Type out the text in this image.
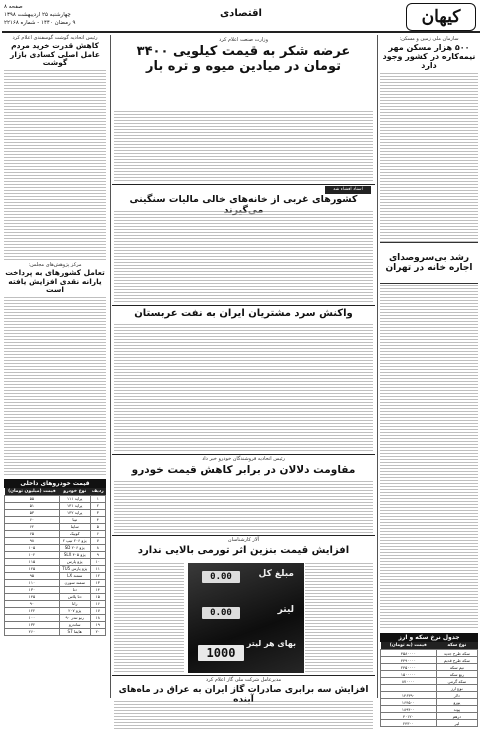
کیهان
اقتصادی
صفحه ۸
چهارشنبه ۲۵ اردیبهشت ۱۳۹۸
۹ رمضان ۱۴۴۰ - شماره ۲۲۱۶۸
سازمان ملی زمین و مسکن:
۵۰۰ هزار مسکن مهر نیمه‌کاره در کشور وجود دارد
رشد بی‌سروصدای اجاره خانه در تهران
جدول نرخ سکه و ارز
نوع سکه	قیمت (به تومان)
سکه طرح جدید	۴۵۸۰۰۰۰
سکه طرح قدیم	۴۴۹۰۰۰۰
نیم سکه	۲۴۵۰۰۰۰
ربع سکه	۱۵۰۰۰۰۰
سکه گرمی	۸۷۰۰۰۰
نوع ارز	
دلار	۱۴۶۳۹۰
یورو	۱۶۴۵۰۰
پوند	۱۸۹۴۰۰
درهم	۴۰۱۲۰
لیر	۲۴۳۰۰
رئیس اتحادیه گوشت گوسفندی اعلام کرد
کاهش قدرت خرید مردم عامل اصلی کسادی بازار گوشت
مرکز پژوهش‌های مجلس:
تعامل کشورهای به پرداخت یارانه نقدی افزایش یافته است
قیمت خودروهای داخلی
ردیف	نوع خودرو	قیمت (میلیون تومان)
۱	پراید ۱۱۱	۵۵
۲	پراید ۱۳۱	۵۱
۳	پراید ۱۳۲	۵۳
۴	تیبا	۶۰
۵	ساینا	۶۲
۶	کوییک	۶۵
۷	پژو ۲۰۶ تیپ ۲	۹۸
۸	پژو ۲۰۶ SD	۱۰۵
۹	پژو ۴۰۵ SLX	۱۰۲
۱۰	پژو پارس	۱۱۵
۱۱	پژو پارس TU5	۱۲۵
۱۲	سمند LX	۹۵
۱۳	سمند سورن	۱۱۰
۱۴	دنا	۱۳۰
۱۵	دنا پلاس	۱۴۵
۱۶	رانا	۹۰
۱۷	پژو ۲۰۷	۱۲۲
۱۸	رنو تندر ۹۰	۱۰۰
۱۹	ساندرو	۱۳۲
۲۰	هایما S7	۲۶۰
وزارت صنعت اعلام کرد
عرضه شکر به قیمت کیلویی ۳۴۰۰ تومان در میادین میوه و تره بار
اسناد افشاء شد
کشورهای غربی از خانه‌های خالی مالیات سنگینی
واکنش سرد مشتریان ایران به نفت عربستان
رئیس اتحادیه فروشندگان خودرو خبر داد
مقاومت دلالان در برابر کاهش قیمت خودرو
آلاز کارشناسان
افزایش قیمت بنزین اثر تورمی بالایی ندارد
مبلغ کل
0.00
لیتر
0.00
بهای هر لیتر
1000
مدیرعامل شرکت ملی گاز اعلام کرد
افزایش سه برابری صادرات گاز ایران به عراق در ماه‌های
